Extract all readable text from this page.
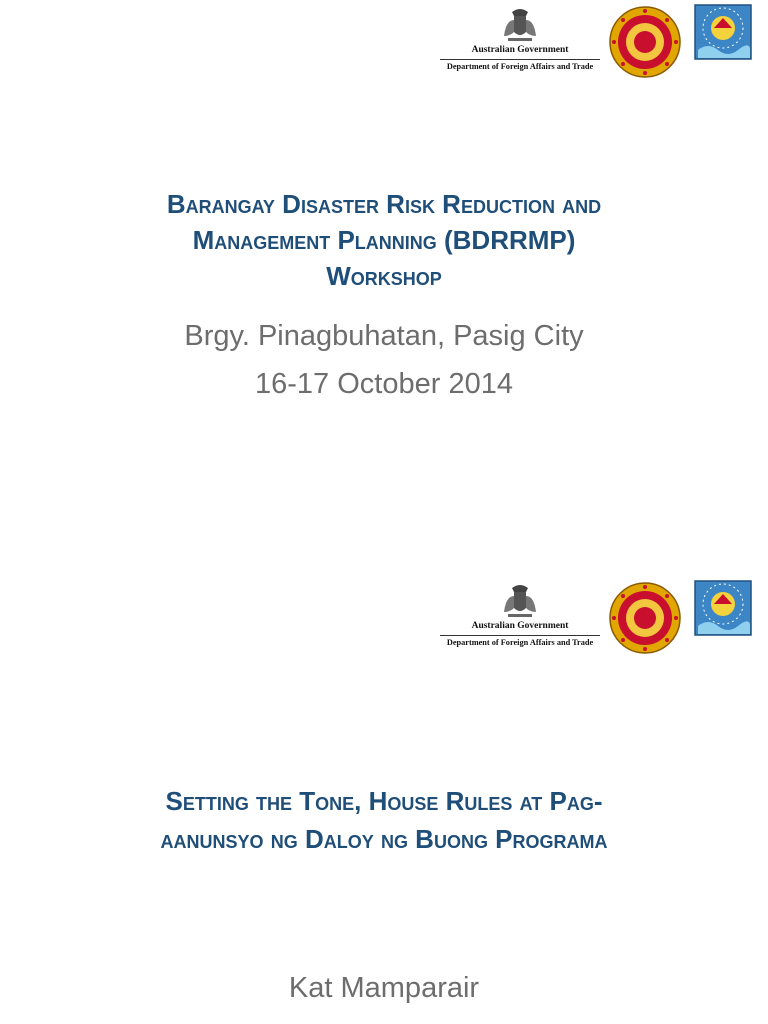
Australian Government
Department of Foreign Affairs and Trade
Barangay Disaster Risk Reduction and
Management Planning (BDRRMP)
Workshop
Brgy. Pinagbuhatan, Pasig City
16-17 October 2014
Australian Government
Department of Foreign Affairs and Trade
Setting the Tone, House Rules at Pag-
aanunsyo ng Daloy ng Buong Programa
Kat Mamparair
